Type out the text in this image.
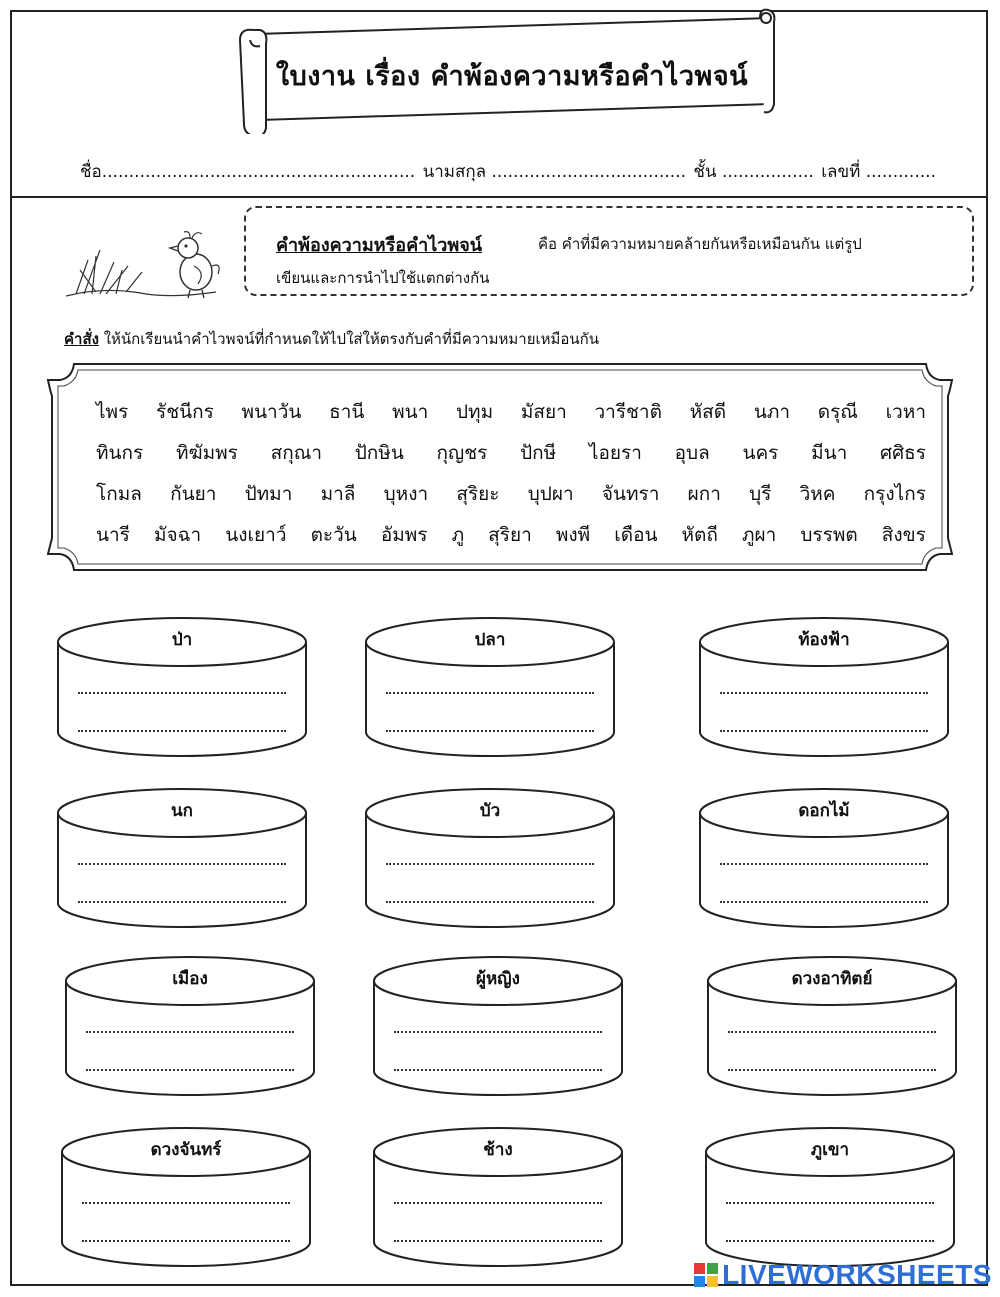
ใบงาน เรื่อง คำพ้องความหรือคำไวพจน์
ชื่อ.......................................................... นามสกุล .................................... ชั้น ................. เลขที่ .............
คำพ้องความหรือคำไวพจน์	คือ คำที่มีความหมายคล้ายกันหรือเหมือนกัน แต่รูป
เขียนและการนำไปใช้แตกต่างกัน
คำสั่ง ให้นักเรียนนำคำไวพจน์ที่กำหนดให้ไปใส่ให้ตรงกับคำที่มีความหมายเหมือนกัน
ไพร รัชนีกร พนาวัน ธานี พนา ปทุม มัสยา วารีชาติ หัสดี นภา ดรุณี เวหา
ทินกร ทิฆัมพร สกุณา ปักษิน กุญชร ปักษี ไอยรา อุบล นคร มีนา ศศิธร
โกมล กันยา ปัทมา มาลี บุหงา สุริยะ บุปผา จันทรา ผกา บุรี วิหค กรุงไกร
นารี มัจฉา นงเยาว์ ตะวัน อัมพร ภู สุริยา พงพี เดือน หัตถี ภูผา บรรพต สิงขร
ป่า	ปลา	ท้องฟ้า
นก	บัว	ดอกไม้
เมือง	ผู้หญิง	ดวงอาทิตย์
ดวงจันทร์	ช้าง	ภูเขา
LIVEWORKSHEETS
